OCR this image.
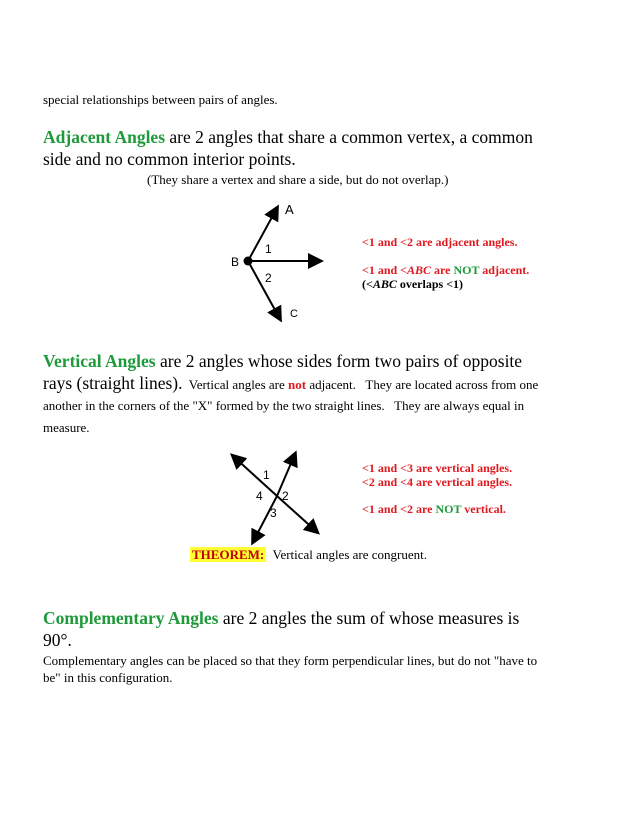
special relationships between pairs of angles.
Adjacent Angles are 2 angles that share a common vertex, a common
side and no common interior points.
(They share a vertex and share a side, but do not overlap.)
A
B
C
1
2
<1 and <2 are adjacent angles.
<1 and <ABC are NOT adjacent.
(<ABC overlaps <1)
Vertical Angles are 2 angles whose sides form two pairs of opposite
rays (straight lines).  Vertical angles are not adjacent.   They are located across from one
another in the corners of the "X" formed by the two straight lines.   They are always equal in
measure.
1
2
3
4
<1 and <3 are vertical angles.
<2 and <4 are vertical angles.
<1 and <2 are NOT vertical.
THEOREM:  Vertical angles are congruent.
Complementary Angles are 2 angles the sum of whose measures is
90°.
Complementary angles can be placed so that they form perpendicular lines, but do not "have to
be" in this configuration.
